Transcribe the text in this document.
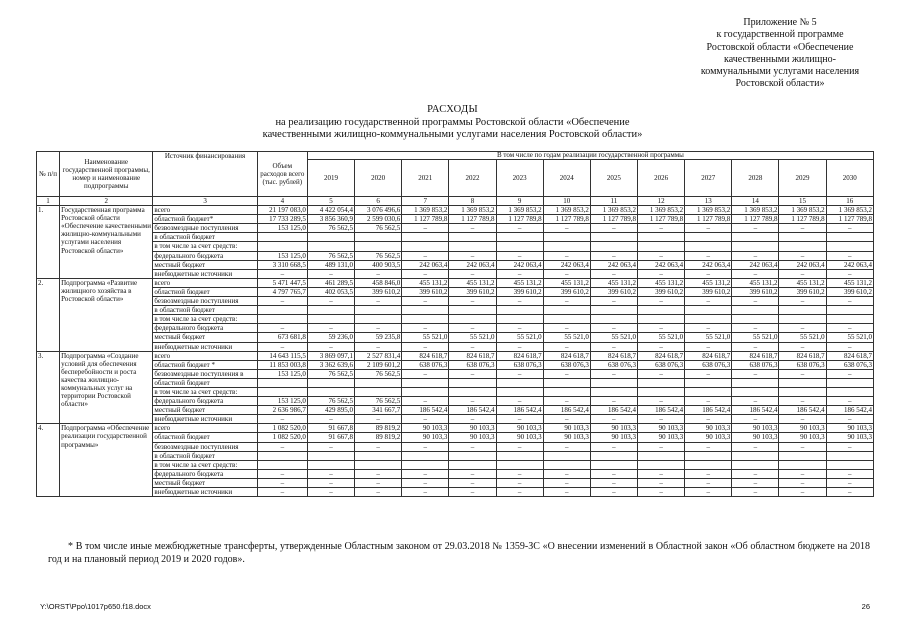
Приложение № 5
к государственной программе
Ростовской области «Обеспечение
качественными жилищно-
коммунальными услугами населения
Ростовской области»
РАСХОДЫ
на реализацию государственной программы Ростовской области «Обеспечение
качественными жилищно-коммунальными услугами населения Ростовской области»
№ п/п	Наименование государственной программы, номер и наименование подпрограммы	Источник финансирования	Объем расходов всего (тыс. рублей)	В том числе по годам реализации государственной программы											
				2019	2020	2021	2022	2023	2024	2025	2026	2027	2028	2029	2030
1	2	3	4	5	6	7	8	9	10	11	12	13	14	15	16
1.	Государственная программа Ростовской области «Обеспечение качественными жилищно-коммунальными услугами населения Ростовской области»	всего	21 197 083,0	4 422 054,4	3 076 496,6	1 369 853,2	1 369 853,2	1 369 853,2	1 369 853,2	1 369 853,2	1 369 853,2	1 369 853,2	1 369 853,2	1 369 853,2	1 369 853,2
		областной бюджет*	17 733 289,5	3 856 360,9	2 599 030,6	1 127 789,8	1 127 789,8	1 127 789,8	1 127 789,8	1 127 789,8	1 127 789,8	1 127 789,8	1 127 789,8	1 127 789,8	1 127 789,8
		безвозмездные поступления	153 125,0	76 562,5	76 562,5	–	–	–	–	–	–	–	–	–	–
		в областной бюджет													
		в том числе за счет средств:													
		федерального бюджета	153 125,0	76 562,5	76 562,5	–	–	–	–	–	–	–	–	–	–
		местный бюджет	3 310 668,5	489 131,0	400 903,5	242 063,4	242 063,4	242 063,4	242 063,4	242 063,4	242 063,4	242 063,4	242 063,4	242 063,4	242 063,4
		внебюджетные источники	–	–	–	–	–	–	–	–	–	–	–	–	–
2.	Подпрограмма «Развитие жилищного хозяйства в Ростовской области»	всего	5 471 447,5	461 289,5	458 846,0	455 131,2	455 131,2	455 131,2	455 131,2	455 131,2	455 131,2	455 131,2	455 131,2	455 131,2	455 131,2
		областной бюджет	4 797 765,7	402 053,5	399 610,2	399 610,2	399 610,2	399 610,2	399 610,2	399 610,2	399 610,2	399 610,2	399 610,2	399 610,2	399 610,2
		безвозмездные поступления	–	–	–	–	–	–	–	–	–	–	–	–	–
		в областной бюджет													
		в том числе за счет средств:													
		федерального бюджета	–	–	–	–	–	–	–	–	–	–	–	–	–
		местный бюджет	673 681,8	59 236,0	59 235,8	55 521,0	55 521,0	55 521,0	55 521,0	55 521,0	55 521,0	55 521,0	55 521,0	55 521,0	55 521,0
		внебюджетные источники	–	–	–	–	–	–	–	–	–	–	–	–	–
3.	Подпрограмма «Создание условий для обеспечения бесперебойности и роста качества жилищно-коммунальных услуг на территории Ростовской области»	всего	14 643 115,5	3 869 097,1	2 527 831,4	824 618,7	824 618,7	824 618,7	824 618,7	824 618,7	824 618,7	824 618,7	824 618,7	824 618,7	824 618,7
		областной бюджет *	11 853 003,8	3 362 639,6	2 109 601,2	638 076,3	638 076,3	638 076,3	638 076,3	638 076,3	638 076,3	638 076,3	638 076,3	638 076,3	638 076,3
		безвозмездные поступления в	153 125,0	76 562,5	76 562,5	–	–	–	–	–	–	–	–	–	–
		областной бюджет													
		в том числе за счет средств:													
		федерального бюджета	153 125,0	76 562,5	76 562,5	–	–	–	–	–	–	–	–	–	–
		местный бюджет	2 636 986,7	429 895,0	341 667,7	186 542,4	186 542,4	186 542,4	186 542,4	186 542,4	186 542,4	186 542,4	186 542,4	186 542,4	186 542,4
		внебюджетные источники	–	–	–	–	–	–	–	–	–	–	–	–	–
4.	Подпрограмма «Обеспечение реализации государственной программы»	всего	1 082 520,0	91 667,8	89 819,2	90 103,3	90 103,3	90 103,3	90 103,3	90 103,3	90 103,3	90 103,3	90 103,3	90 103,3	90 103,3
		областной бюджет	1 082 520,0	91 667,8	89 819,2	90 103,3	90 103,3	90 103,3	90 103,3	90 103,3	90 103,3	90 103,3	90 103,3	90 103,3	90 103,3
		безвозмездные поступления	–	–	–	–	–	–	–	–	–	–	–	–	–
		в областной бюджет													
		в том числе за счет средств:													
		федерального бюджета	–	–	–	–	–	–	–	–	–	–	–	–	–
		местный бюджет	–	–	–	–	–	–	–	–	–	–	–	–	–
		внебюджетные источники	–	–	–	–	–	–	–	–	–	–	–	–	–
* В том числе иные межбюджетные трансферты, утвержденные Областным законом от 29.03.2018 № 1359-ЗС «О внесении изменений в Областной закон «Об областном бюджете на 2018 год и на плановый период 2019 и 2020 годов».
Y:\ORST\Ppo\1017p650.f18.docx	26
